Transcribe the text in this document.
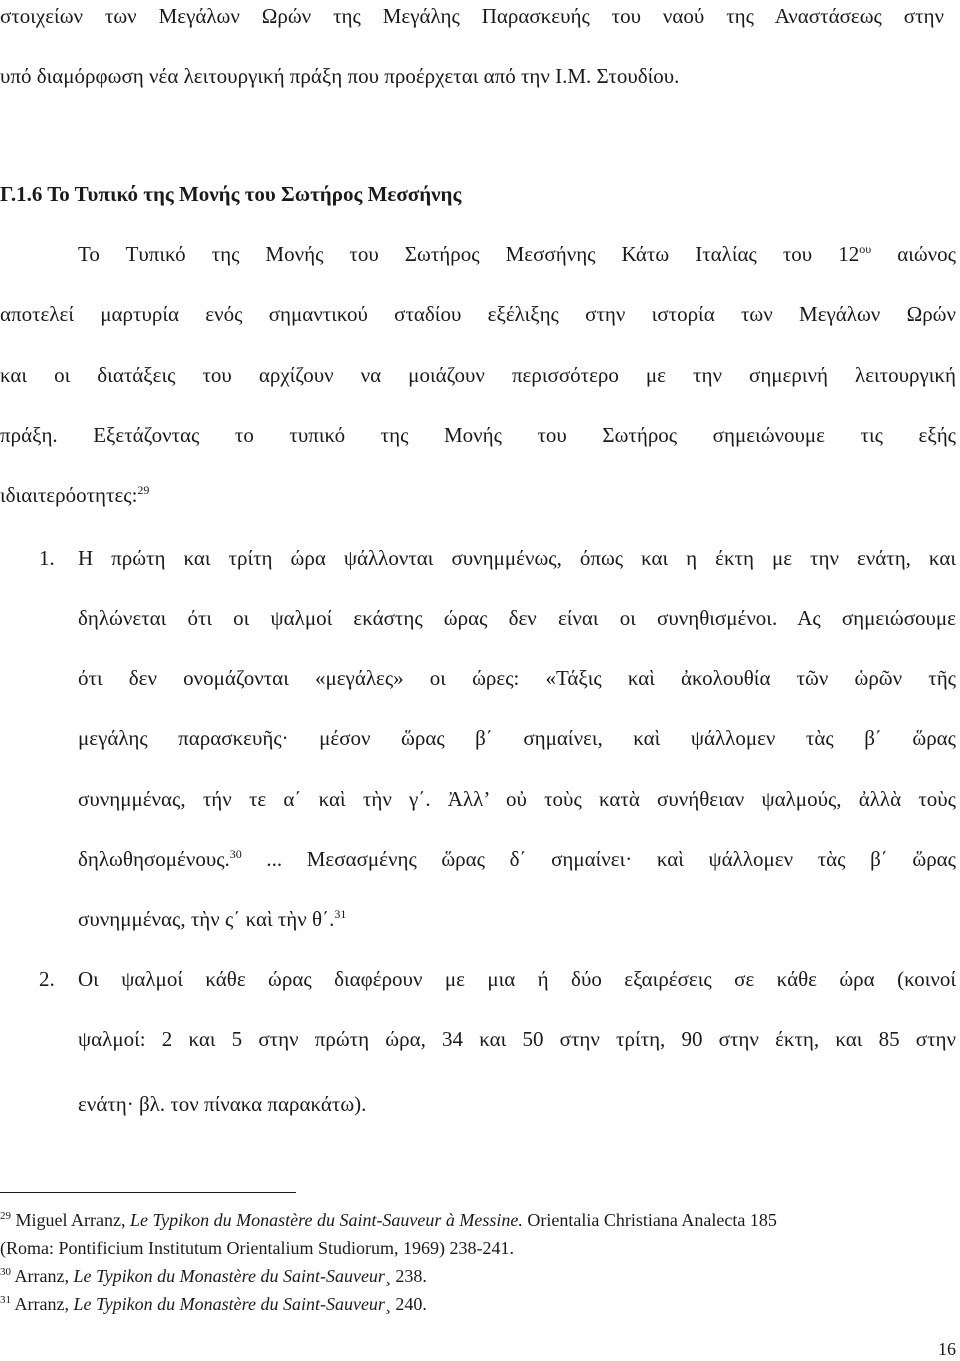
στοιχείων των Μεγάλων Ωρών της Μεγάλης Παρασκευής του ναού της Αναστάσεως στην
υπό διαμόρφωση νέα λειτουργική πράξη που προέρχεται από την Ι.Μ. Στουδίου.
Γ.1.6 Το Τυπικό της Μονής του Σωτήρος Μεσσήνης
Το Τυπικό της Μονής του Σωτήρος Μεσσήνης Κάτω Ιταλίας του $12^{o\upsilon}$ αιώνος
αποτελεί μαρτυρία ενός σημαντικού σταδίου εξέλιξης στην ιστορία των Μεγάλων Ωρών
και οι διατάξεις του αρχίζουν να μοιάζουν περισσότερο με την σημερινή λειτουργική
πράξη. Εξετάζοντας το τυπικό της Μονής του Σωτήρος σημειώνουμε τις εξής
ιδιαιτερόοτητες:$^{29}$
1. Η πρώτη και τρίτη ώρα ψάλλονται συνημμένως, όπως και η έκτη με την ενάτη, και
δηλώνεται ότι οι ψαλμοί εκάστης ώρας δεν είναι οι συνηθισμένοι. Ας σημειώσουμε
ότι δεν ονομάζονται «μεγάλες» οι ώρες: «Τάξις καὶ ἀκολουθία τῶν ὡρῶν τῆς
μεγάλης παρασκευῆς· μέσον ὥρας β΄ σημαίνει, καὶ ψάλλομεν τὰς β΄ ὥρας
συνημμένας, τήν τε α΄ καὶ τὴν γ΄. Ἀλλ’ οὐ τοὺς κατὰ συνήθειαν ψαλμούς, ἀλλὰ τοὺς
δηλωθησομένους.$^{30}$ ... Μεσασμένης ὥρας δ΄ σημαίνει· καὶ ψάλλομεν τὰς β΄ ὥρας
συνημμένας, τὴν ς΄ καὶ τὴν θ΄.$^{31}$
2. Οι ψαλμοί κάθε ώρας διαφέρουν με μια ή δύο εξαιρέσεις σε κάθε ώρα (κοινοί
ψαλμοί: 2 και 5 στην πρώτη ώρα, 34 και 50 στην τρίτη, 90 στην έκτη, και 85 στην
ενάτη· βλ. τον πίνακα παρακάτω).
$^{29}$ Miguel Arranz, Le Typikon du Monastère du Saint-Sauveur à Messine. Orientalia Christiana Analecta 185
(Roma: Pontificium Institutum Orientalium Studiorum, 1969) 238-241.
$^{30}$ Arranz, Le Typikon du Monastère du Saint-Sauveur¸ 238.
$^{31}$ Arranz, Le Typikon du Monastère du Saint-Sauveur¸ 240.
16
